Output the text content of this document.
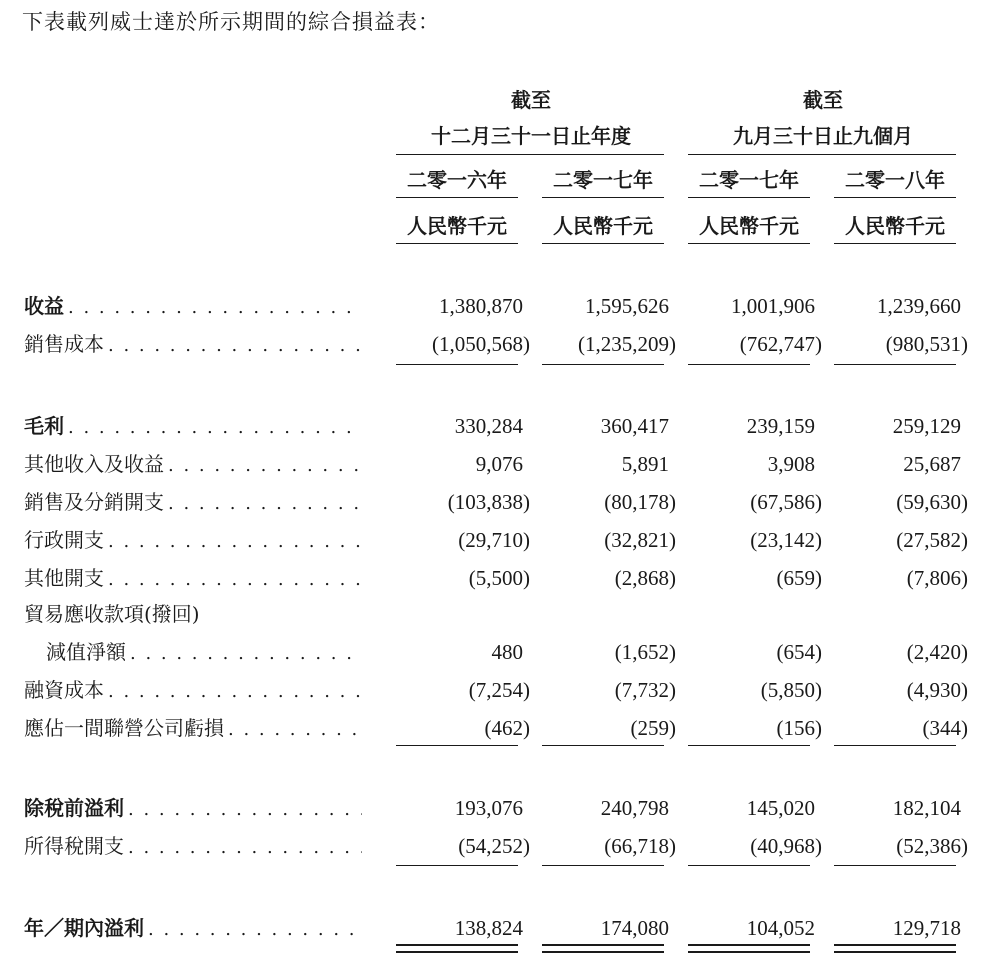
下表載列威士達於所示期間的綜合損益表：
截至
十二月三十一日止年度
截至
九月三十日止九個月
二零一六年	二零一七年	二零一七年	二零一八年
人民幣千元	人民幣千元	人民幣千元	人民幣千元
收益 . . .	1,380,870	1,595,626	1,001,906	1,239,660
銷售成本 . . .	(1,050,568) (1,235,209)	(762,747)	(980,531)
毛利 . . .	330,284	360,417	239,159	259,129
其他收入及收益 . . .	9,076	5,891	3,908	25,687
銷售及分銷開支 . . .	(103,838)	(80,178)	(67,586)	(59,630)
行政開支 . . .	(29,710)	(32,821)	(23,142)	(27,582)
其他開支 . . .	(5,500)	(2,868)	(659)	(7,806)
貿易應收款項(撥回)
減值淨額 . . .	480	(1,652)	(654)	(2,420)
融資成本 . . .	(7,254)	(7,732)	(5,850)	(4,930)
應佔一間聯營公司虧損 . . .	(462)	(259)	(156)	(344)
除稅前溢利 . . .	193,076	240,798	145,020	182,104
所得稅開支 . . .	(54,252)	(66,718)	(40,968)	(52,386)
年／期內溢利 . . .	138,824	174,080	104,052	129,718
